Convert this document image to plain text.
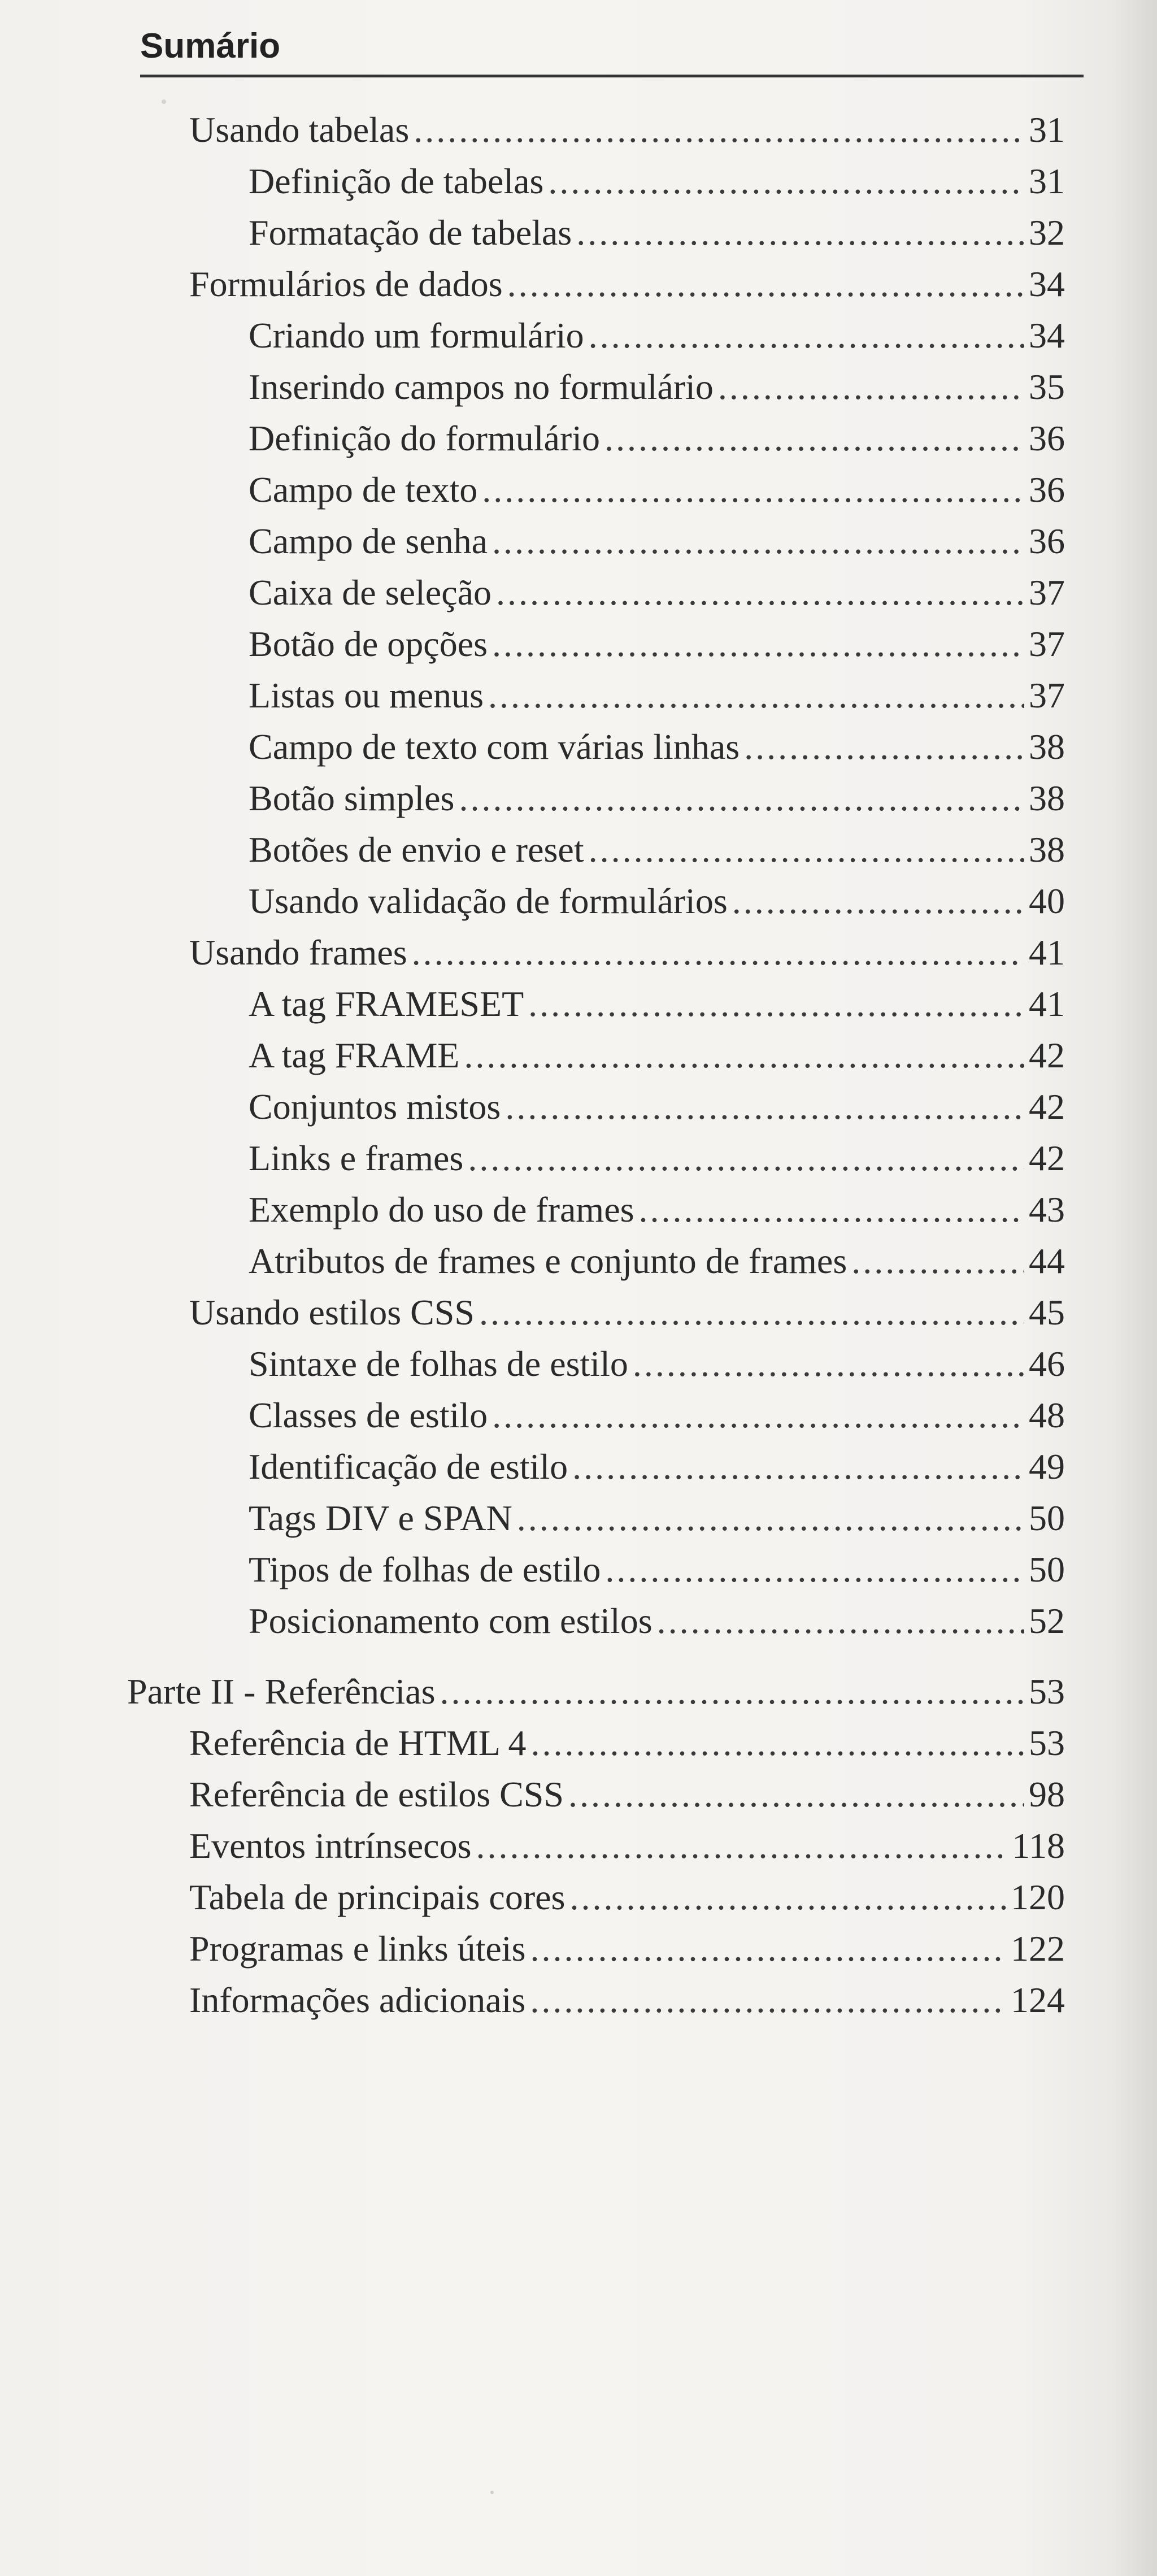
Sumário
Usando tabelas .....	31
Definição de tabelas .....	31
Formatação de tabelas .....	32
Formulários de dados .....	34
Criando um formulário .....	34
Inserindo campos no formulário .....	35
Definição do formulário .....	36
Campo de texto .....	36
Campo de senha .....	36
Caixa de seleção .....	37
Botão de opções .....	37
Listas ou menus .....	37
Campo de texto com várias linhas .....	38
Botão simples .....	38
Botões de envio e reset .....	38
Usando validação de formulários .....	40
Usando frames .....	41
A tag FRAMESET .....	41
A tag FRAME .....	42
Conjuntos mistos .....	42
Links e frames .....	42
Exemplo do uso de frames .....	43
Atributos de frames e conjunto de frames .....	44
Usando estilos CSS .....	45
Sintaxe de folhas de estilo .....	46
Classes de estilo .....	48
Identificação de estilo .....	49
Tags DIV e SPAN .....	50
Tipos de folhas de estilo .....	50
Posicionamento com estilos .....	52
Parte II - Referências .....	53
Referência de HTML 4 .....	53
Referência de estilos CSS .....	98
Eventos intrínsecos .....	118
Tabela de principais cores .....	120
Programas e links úteis .....	122
Informações adicionais .....	124
